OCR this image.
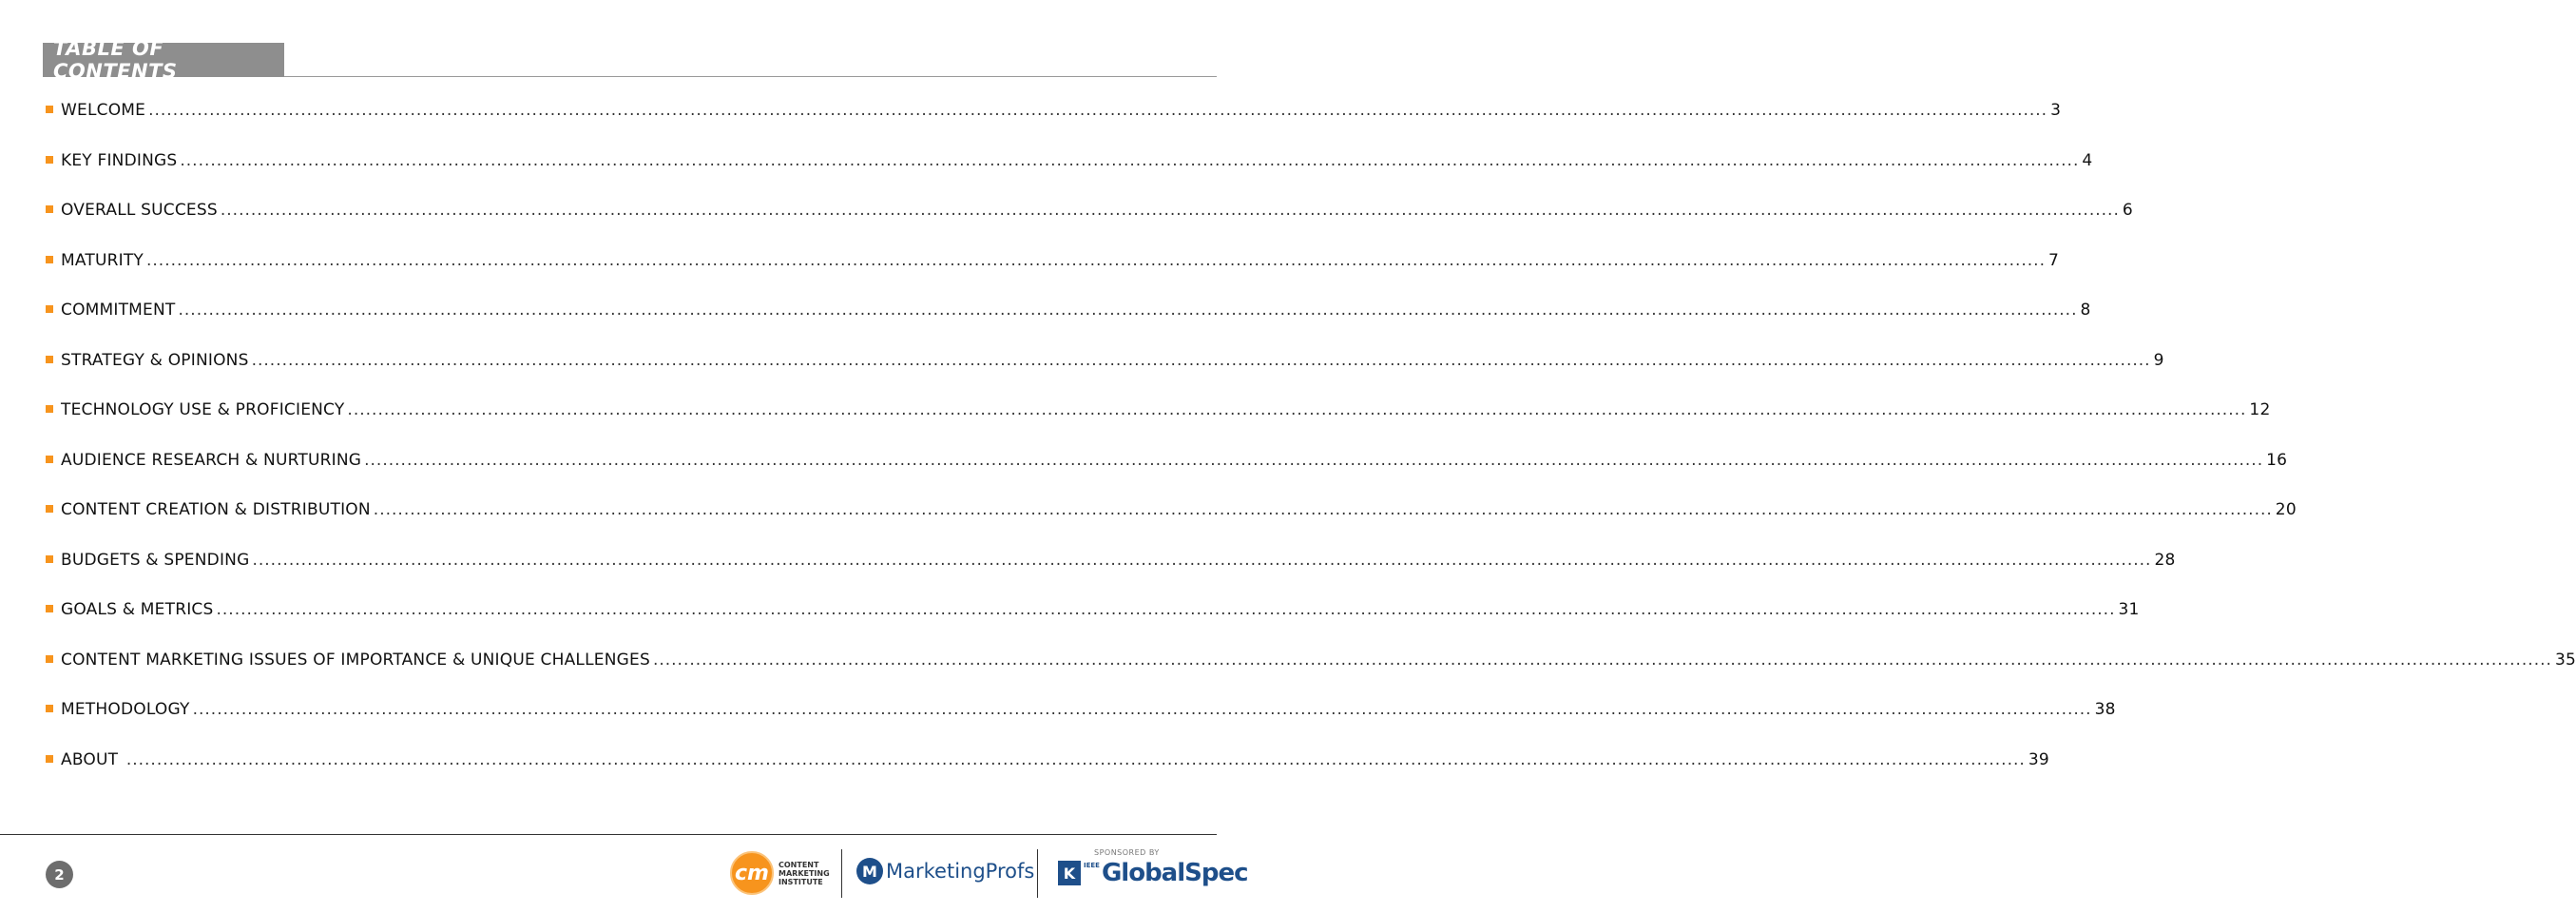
TABLE OF CONTENTS
WELCOME .....	3
KEY FINDINGS .....	4
OVERALL SUCCESS .....	6
MATURITY .....	7
COMMITMENT .....	8
STRATEGY & OPINIONS .....	9
TECHNOLOGY USE & PROFICIENCY .....	12
AUDIENCE RESEARCH & NURTURING .....	16
CONTENT CREATION & DISTRIBUTION .....	20
BUDGETS & SPENDING .....	28
GOALS & METRICS .....	31
CONTENT MARKETING ISSUES OF IMPORTANCE & UNIQUE CHALLENGES .....	35
METHODOLOGY .....	38
ABOUT .....	39
2	cm	CONTENT
MARKETING
INSTITUTE
M MarketingProfs
SPONSORED BY
K	IEEE GlobalSpec
